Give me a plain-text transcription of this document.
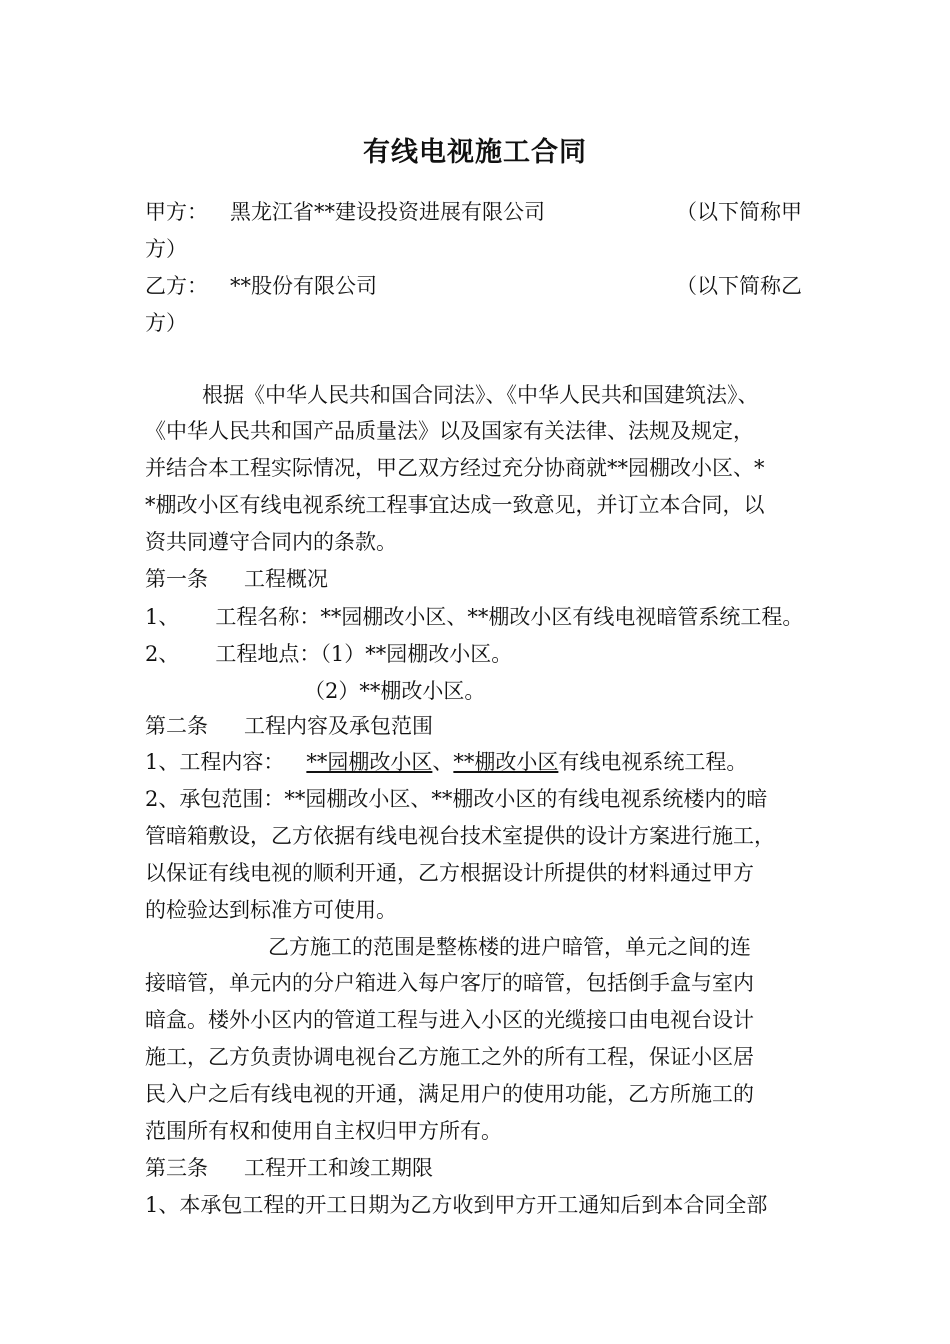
有线电视施工合同
甲方： 黑龙江省**建设投资进展有限公司	（以下简称甲
方）
乙方： **股份有限公司	（以下简称乙
方）
根据《中华人民共和国合同法》、《中华人民共和国建筑法》、
《中华人民共和国产品质量法》以及国家有关法律、法规及规定，
并结合本工程实际情况，甲乙双方经过充分协商就**园棚改小区、*
*棚改小区有线电视系统工程事宜达成一致意见，并订立本合同，以
资共同遵守合同内的条款。
第一条 工程概况
1、 工程名称：**园棚改小区、**棚改小区有线电视暗管系统工程。
2、 工程地点：（1）**园棚改小区。
（2）**棚改小区。
第二条 工程内容及承包范围
1、工程内容： **园棚改小区、**棚改小区有线电视系统工程。
2、承包范围：**园棚改小区、**棚改小区的有线电视系统楼内的暗
管暗箱敷设，乙方依据有线电视台技术室提供的设计方案进行施工，
以保证有线电视的顺利开通，乙方根据设计所提供的材料通过甲方
的检验达到标准方可使用。
乙方施工的范围是整栋楼的进户暗管，单元之间的连
接暗管，单元内的分户箱进入每户客厅的暗管，包括倒手盒与室内
暗盒。楼外小区内的管道工程与进入小区的光缆接口由电视台设计
施工，乙方负责协调电视台乙方施工之外的所有工程，保证小区居
民入户之后有线电视的开通，满足用户的使用功能，乙方所施工的
范围所有权和使用自主权归甲方所有。
第三条 工程开工和竣工期限
1、本承包工程的开工日期为乙方收到甲方开工通知后到本合同全部
